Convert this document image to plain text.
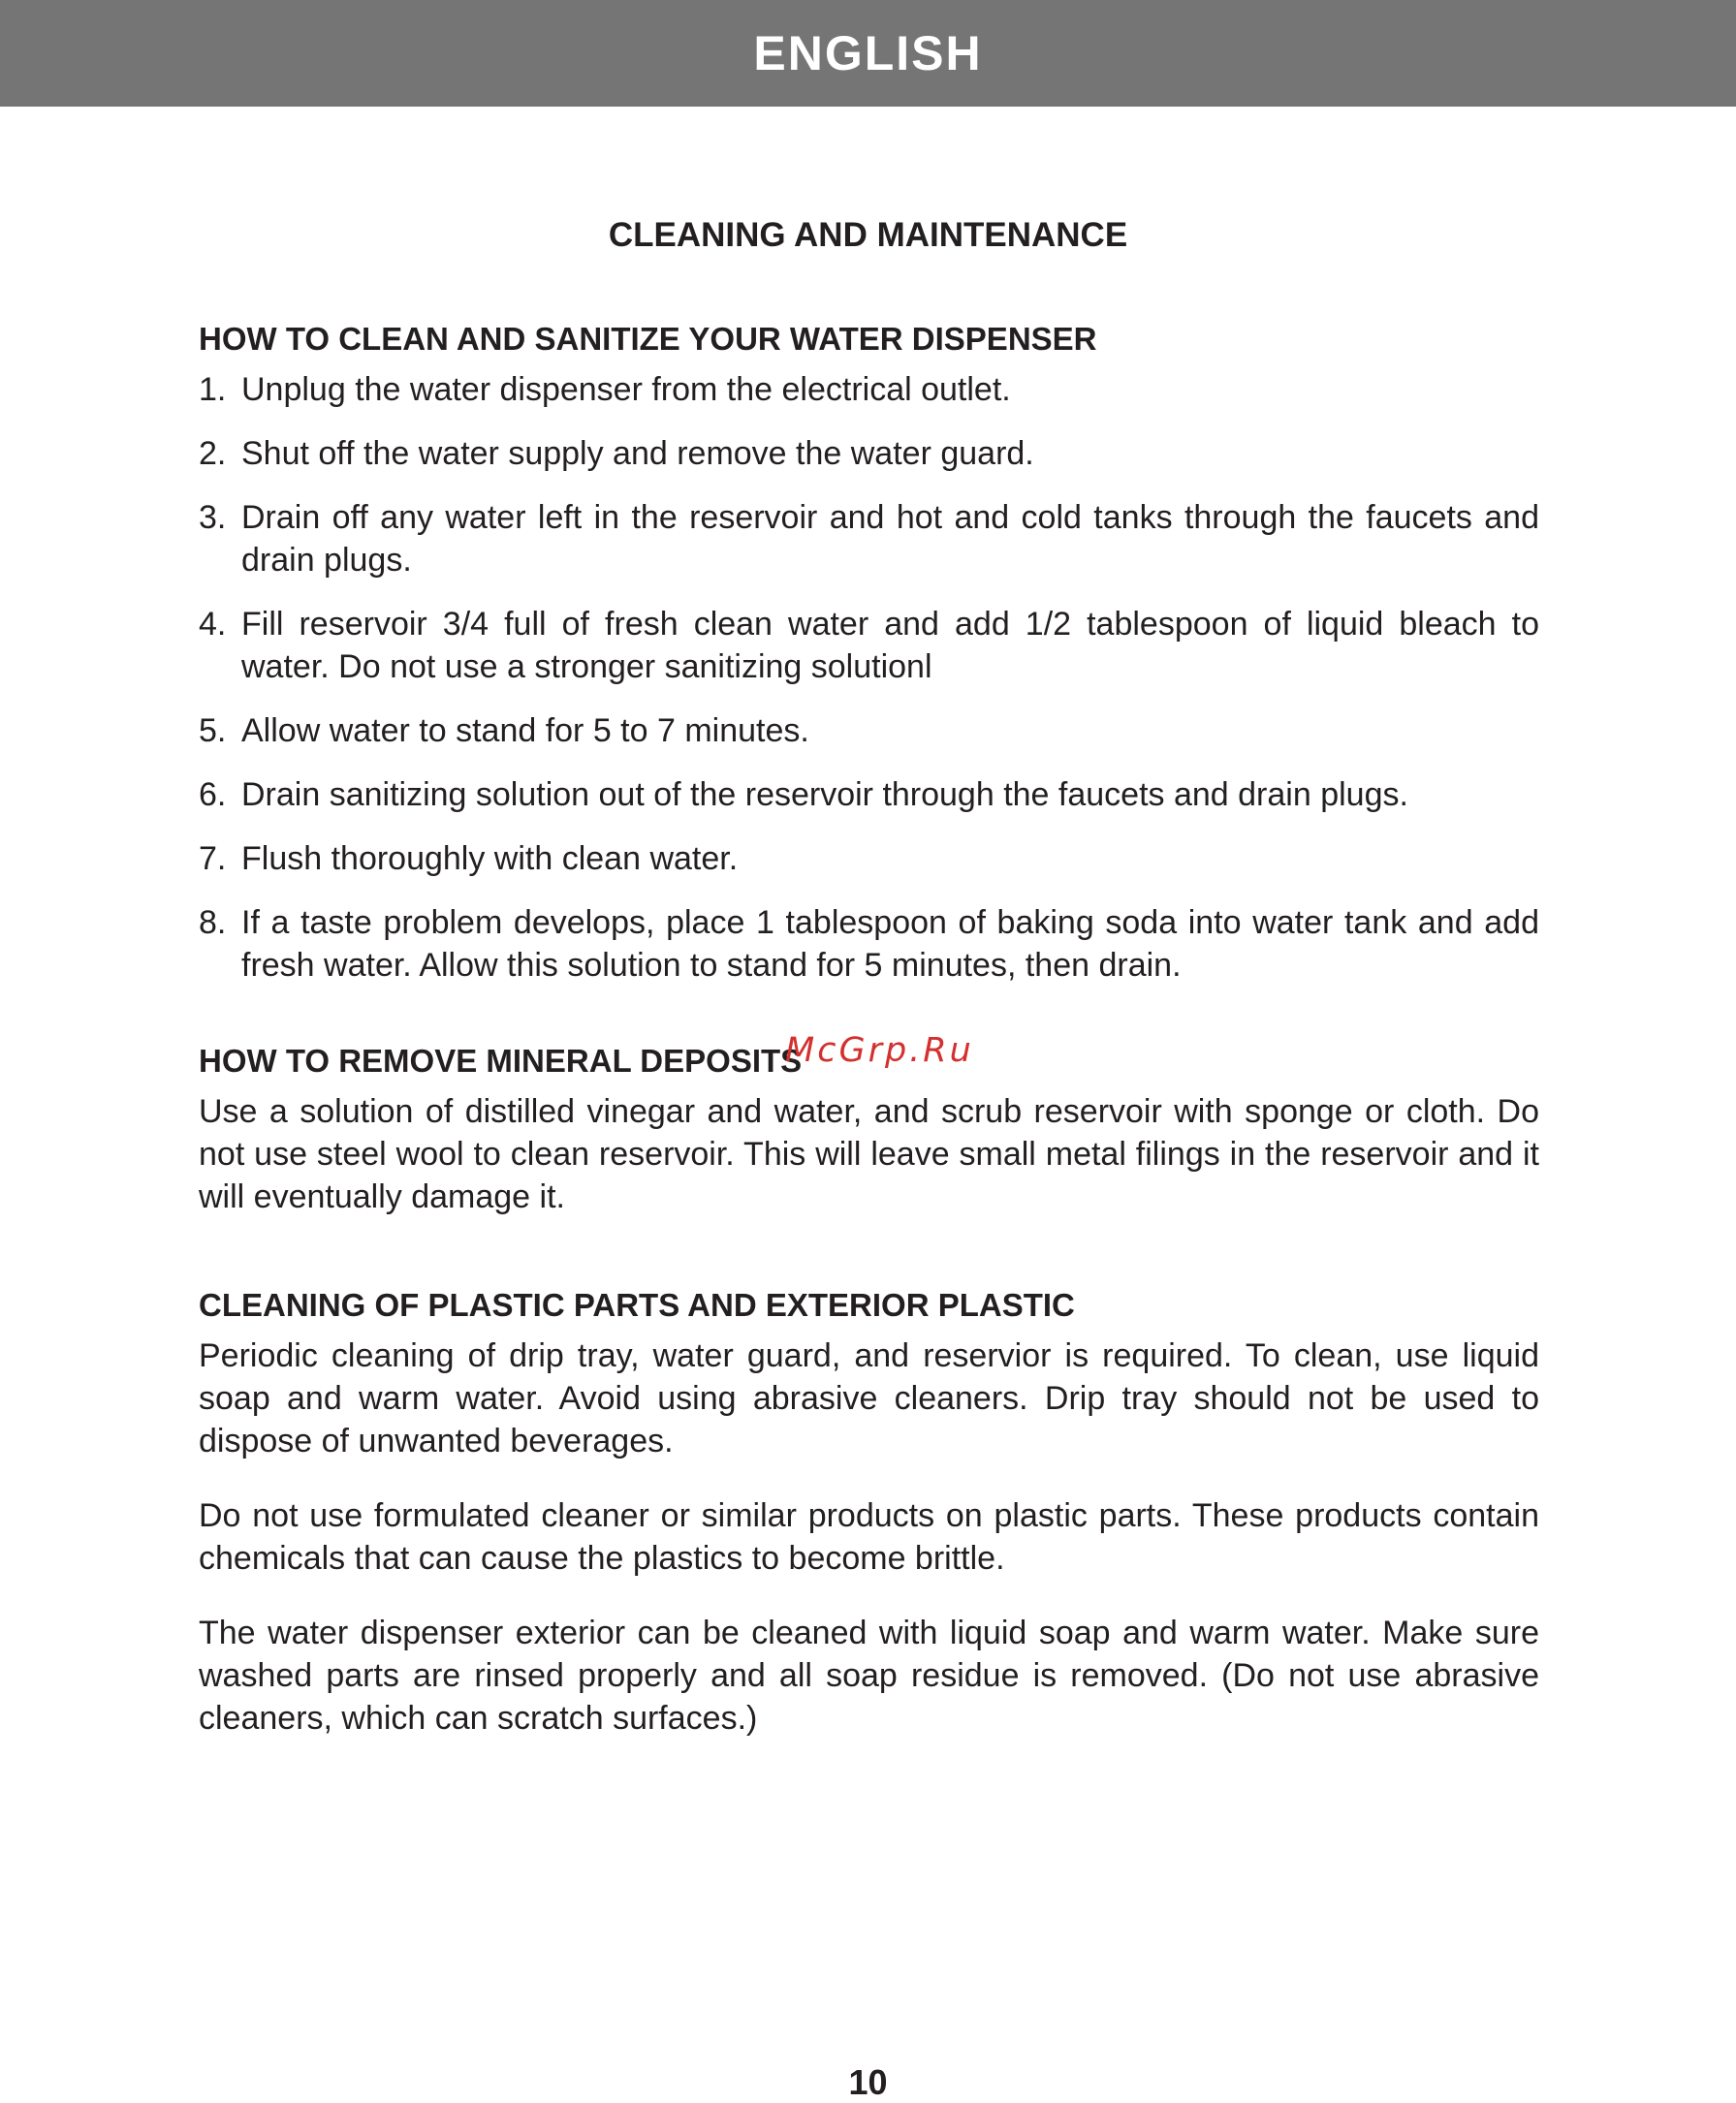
ENGLISH
CLEANING AND MAINTENANCE
HOW TO CLEAN AND SANITIZE YOUR WATER DISPENSER
1. Unplug the water dispenser from the electrical outlet.
2. Shut off the water supply and remove the water guard.
3. Drain off any water left in the reservoir and hot and cold tanks through the faucets and drain plugs.
4. Fill reservoir 3/4 full of fresh clean water and add 1/2 tablespoon of liquid bleach to water. Do not use a stronger sanitizing solutionl
5. Allow water to stand for 5 to 7 minutes.
6. Drain sanitizing solution out of the reservoir through the faucets and drain plugs.
7. Flush thoroughly with clean water.
8. If a taste problem develops, place 1 tablespoon of baking soda into water tank and add fresh water. Allow this solution to stand for 5 minutes, then drain.
HOW TO REMOVE MINERAL DEPOSITS

Use a solution of distilled vinegar and water, and scrub reservoir with sponge or cloth. Do not use steel wool to clean reservoir. This will leave small metal filings in the reservoir and it will eventually damage it.

CLEANING OF PLASTIC PARTS AND EXTERIOR PLASTIC

Periodic cleaning of drip tray, water guard, and reservior is required. To clean, use liquid soap and warm water. Avoid using abrasive cleaners. Drip tray should not be used to dispose of unwanted beverages.

Do not use formulated cleaner or similar products on plastic parts. These products contain chemicals that can cause the plastics to become brittle.

The water dispenser exterior can be cleaned with liquid soap and warm water. Make sure washed parts are rinsed properly and all soap residue is removed. (Do not use abrasive cleaners, which can scratch surfaces.)

McGrp.Ru
10
